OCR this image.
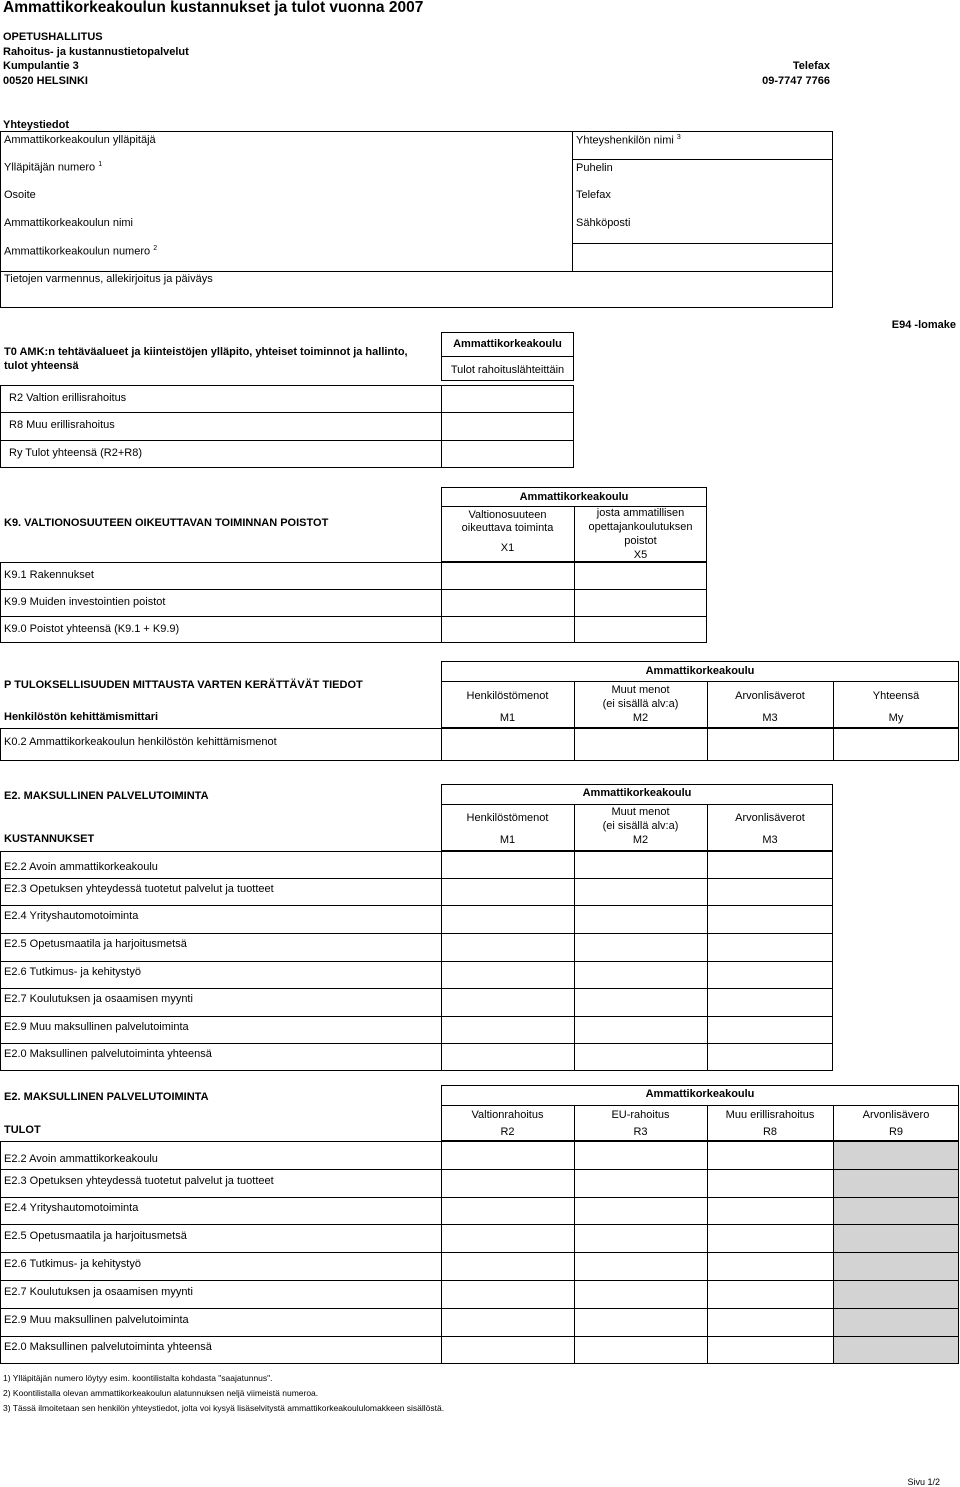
Ammattikorkeakoulun kustannukset ja tulot vuonna 2007
OPETUSHALLITUS
Rahoitus- ja kustannustietopalvelut
Kumpulantie 3
00520 HELSINKI
Telefax
09-7747 7766
Yhteystiedot
Ammattikorkeakoulun ylläpitäjä
Ylläpitäjän numero $^1$
Osoite
Ammattikorkeakoulun nimi
Ammattikorkeakoulun numero $^2$
Tietojen varmennus, allekirjoitus ja päiväys
Yhteyshenkilön nimi $^3$
Puhelin
Telefax
Sähköposti
E94 -lomake
T0 AMK:n tehtäväalueet ja kiinteistöjen ylläpito, yhteiset toiminnot ja hallinto,
tulot yhteensä
Ammattikorkeakoulu
Tulot rahoituslähteittäin
R2 Valtion erillisrahoitus
R8 Muu erillisrahoitus
Ry Tulot yhteensä (R2+R8)
Ammattikorkeakoulu
Valtionosuuteen
oikeuttava toiminta
X1
josta ammatillisen
opettajankoulutuksen
poistot
X5
K9. VALTIONOSUUTEEN OIKEUTTAVAN TOIMINNAN POISTOT
K9.1 Rakennukset
K9.9 Muiden investointien poistot
K9.0 Poistot yhteensä (K9.1 + K9.9)
Ammattikorkeakoulu
P TULOKSELLISUUDEN MITTAUSTA VARTEN KERÄTTÄVÄT TIEDOT
Henkilöstön kehittämismittari
Henkilöstömenot
M1
Muut menot
(ei sisällä alv:a)
M2
Arvonlisäverot
M3
Yhteensä
My
K0.2 Ammattikorkeakoulun henkilöstön kehittämismenot
Ammattikorkeakoulu
E2. MAKSULLINEN PALVELUTOIMINTA
KUSTANNUKSET
Henkilöstömenot
M1
Muut menot
(ei sisällä alv:a)
M2
Arvonlisäverot
M3
E2.2 Avoin ammattikorkeakoulu
E2.3 Opetuksen yhteydessä tuotetut palvelut ja tuotteet
E2.4 Yrityshautomotoiminta
E2.5 Opetusmaatila ja harjoitusmetsä
E2.6 Tutkimus- ja kehitystyö
E2.7 Koulutuksen ja osaamisen myynti
E2.9 Muu maksullinen palvelutoiminta
E2.0 Maksullinen palvelutoiminta yhteensä
Ammattikorkeakoulu
E2. MAKSULLINEN PALVELUTOIMINTA
TULOT
Valtionrahoitus
R2
EU-rahoitus
R3
Muu erillisrahoitus
R8
Arvonlisävero
R9
E2.2 Avoin ammattikorkeakoulu
E2.3 Opetuksen yhteydessä tuotetut palvelut ja tuotteet
E2.4 Yrityshautomotoiminta
E2.5 Opetusmaatila ja harjoitusmetsä
E2.6 Tutkimus- ja kehitystyö
E2.7 Koulutuksen ja osaamisen myynti
E2.9 Muu maksullinen palvelutoiminta
E2.0 Maksullinen palvelutoiminta yhteensä
1) Ylläpitäjän numero löytyy esim. koontilistalta kohdasta "saajatunnus".
2) Koontilistalla olevan ammattikorkeakoulun alatunnuksen neljä viimeistä numeroa.
3) Tässä ilmoitetaan sen henkilön yhteystiedot, jolta voi kysyä lisäselvitystä ammattikorkeakoululomakkeen sisällöstä.
Sivu 1/2
